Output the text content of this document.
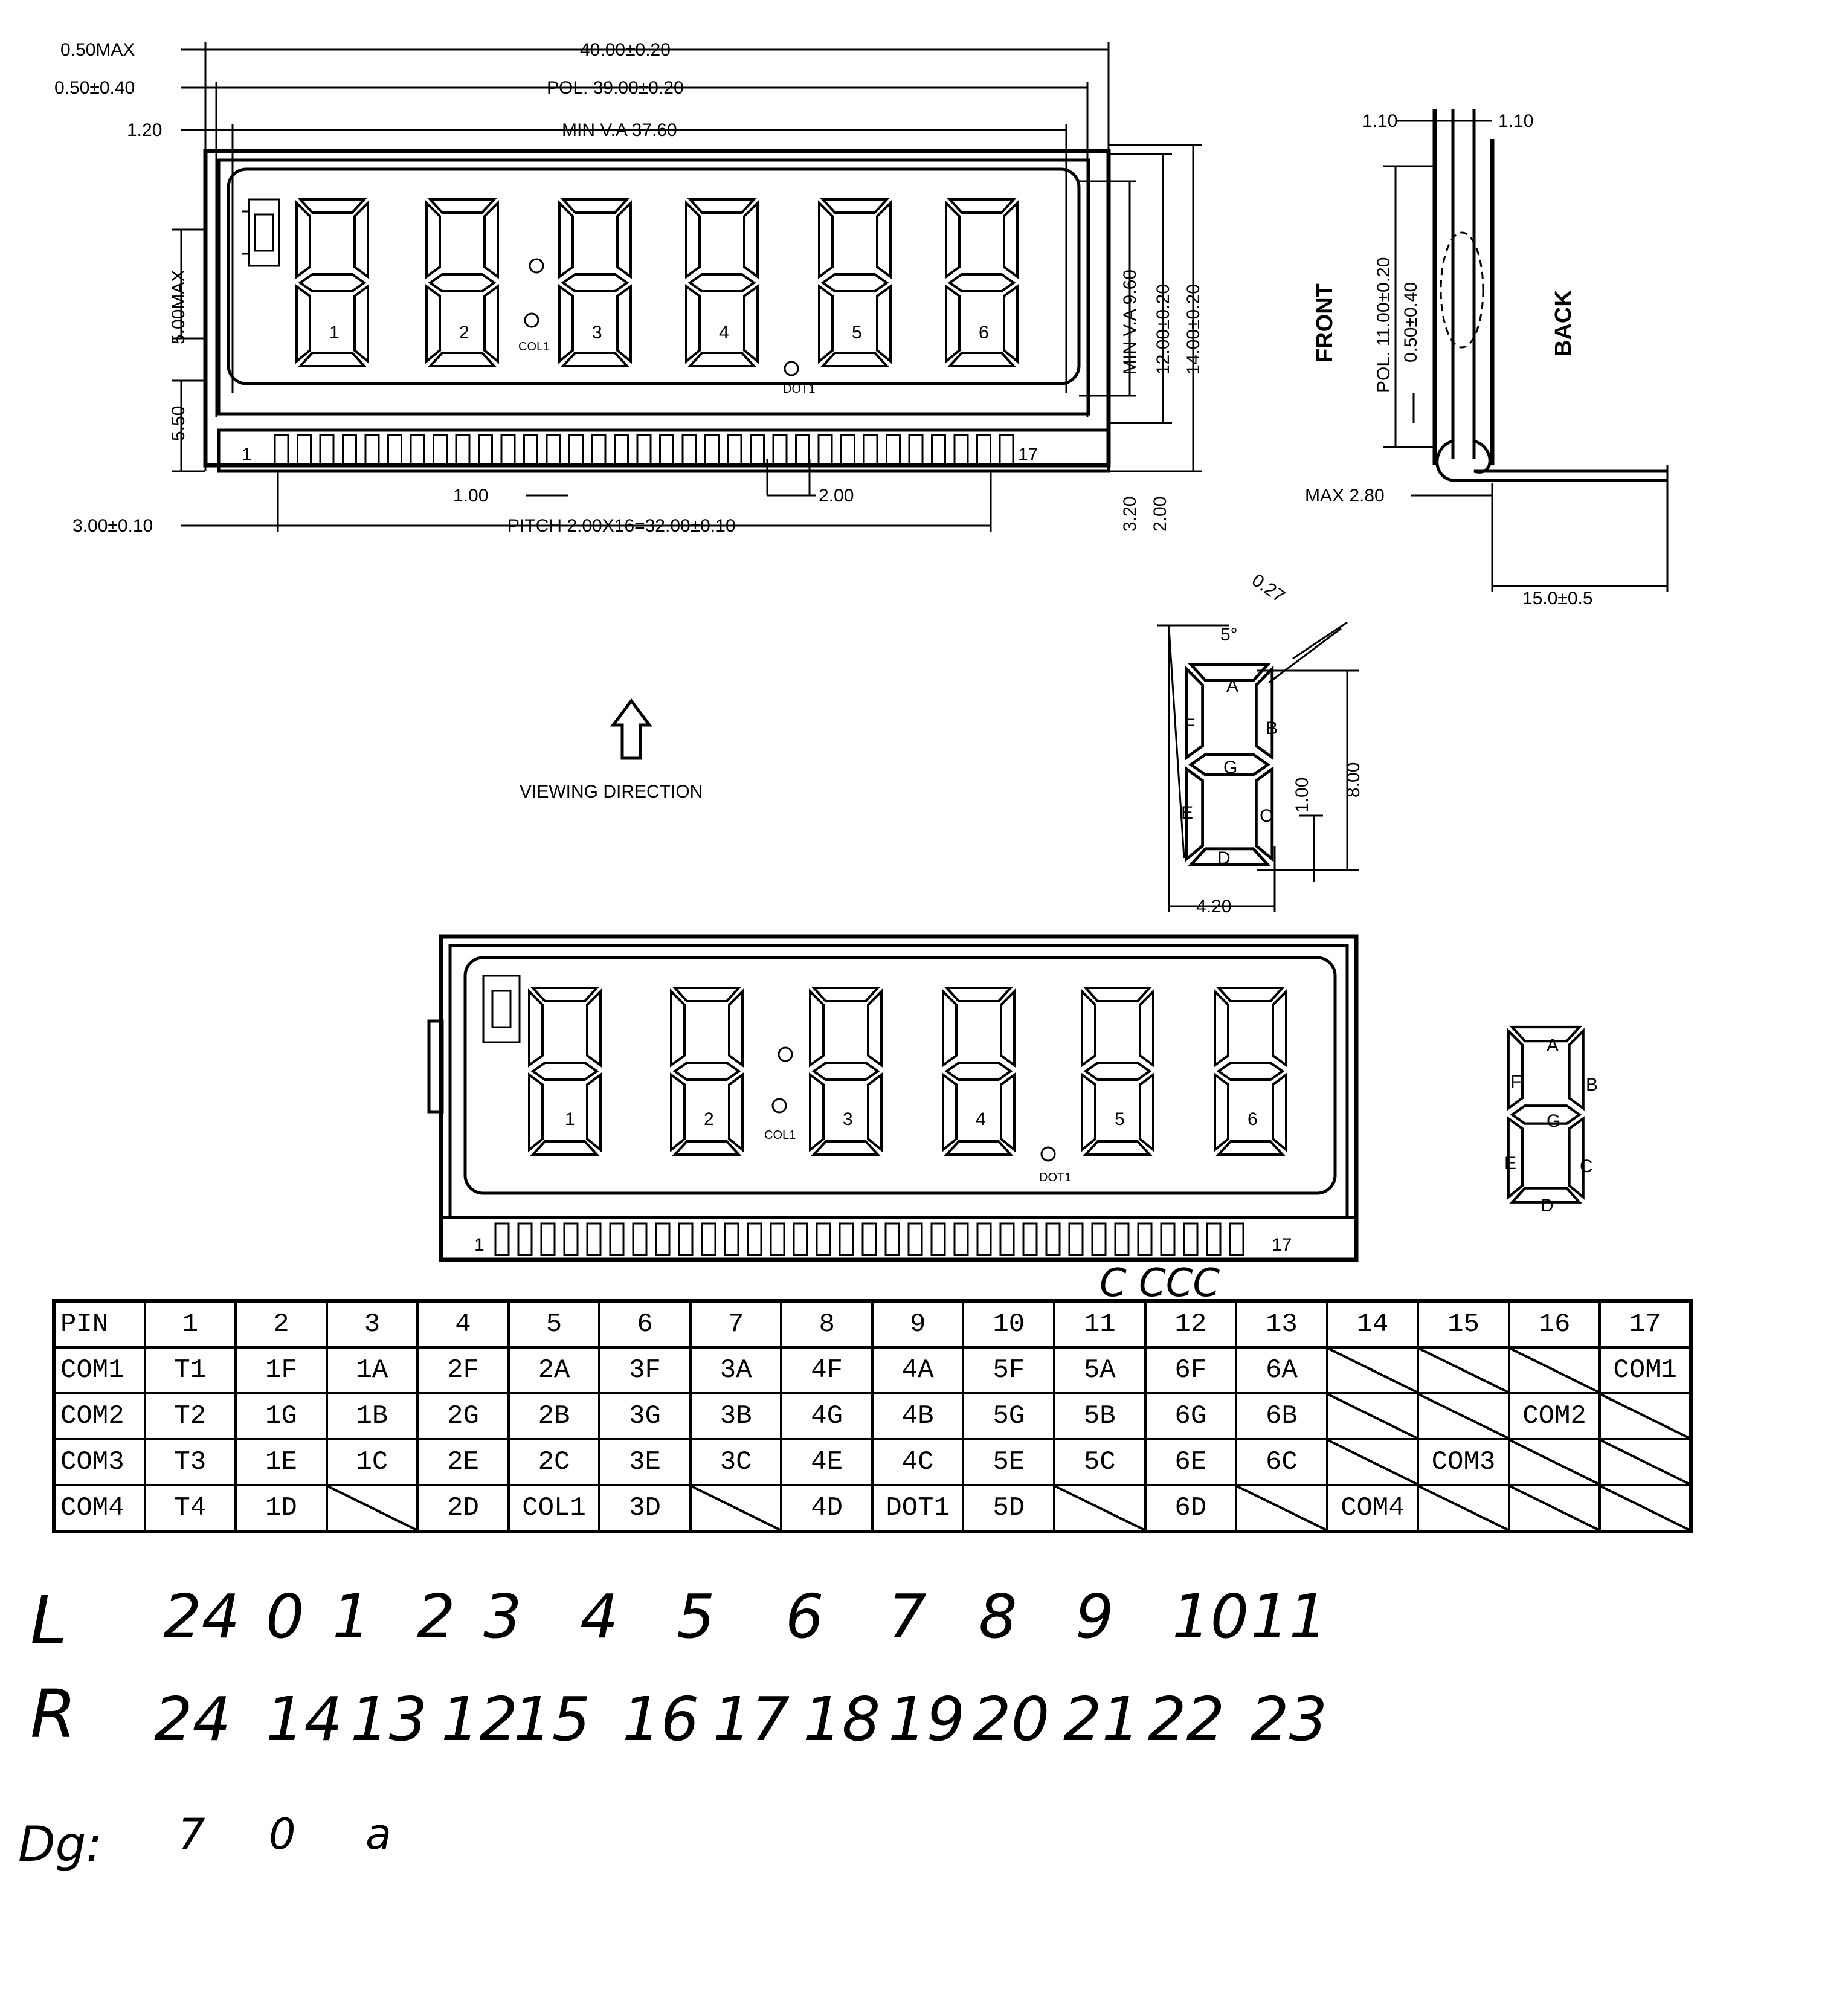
0.50MAX
0.50±0.40
1.20
40.00±0.20
POL. 39.00±0.20
MIN V.A 37.60
1	2	3	4	5	6
COL1
DOT1
1	17
5.00MAX
5.50
MIN V.A 9.60 12.00±0.20 14.00±0.20
1.00	2.00
3.00±0.10	PITCH 2.00X16=32.00±0.10	3.20 2.00
1.10	1.10
FRONT	BACK
POL. 11.00±0.20 0.50±0.40
MAX 2.80
15.0±0.5
5°
0.27
A
B
C
D
E
F
G
1.00 8.00
4.20
VIEWING DIRECTION
1	2	3	4	5	6
COL1
DOT1
1	17
A
B
C
D
E
F
G
C CCC
L
R
Dg:
24 0 1 2 3 4 5 6 7 8 9 10 11
24 14 13 12
15 16 17 18 19 20 21 22 23
7 0 a
PIN	1	2	3	4	5	6	7	8	9	10	11	12	13	14	15	16	17
COM1	T1	1F	1A	2F	2A	3F	3A	4F	4A	5F	5A	6F	6A				COM1
COM2	T2	1G	1B	2G	2B	3G	3B	4G	4B	5G	5B	6G	6B			COM2	
COM3	T3	1E	1C	2E	2C	3E	3C	4E	4C	5E	5C	6E	6C		COM3		
COM4	T4	1D		2D	COL1	3D		4D	DOT1	5D		6D		COM4			
